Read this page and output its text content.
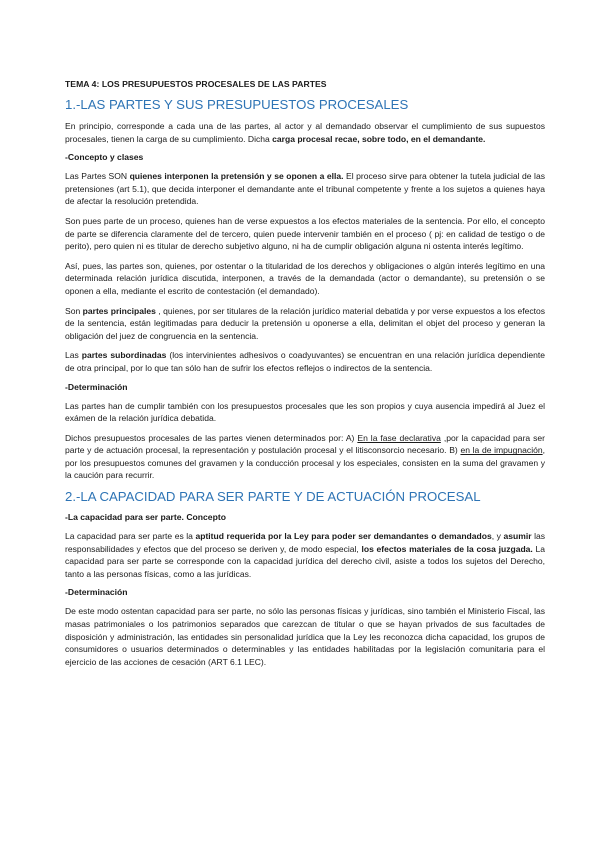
TEMA 4: LOS PRESUPUESTOS PROCESALES DE LAS PARTES
1.-LAS PARTES Y SUS PRESUPUESTOS PROCESALES

En principio, corresponde a cada una de las partes, al actor y al demandado observar el cumplimiento de sus supuestos procesales, tienen la carga de su cumplimiento. Dicha carga procesal recae, sobre todo, en el demandante.

-Concepto y clases

Las Partes SON quienes interponen la pretensión y se oponen a ella. El proceso sirve para obtener la tutela judicial de las pretensiones (art 5.1), que decida interponer el demandante ante el tribunal competente y frente a los sujetos a quienes haya de afectar la resolución pretendida.

Son pues parte de un proceso, quienes han de verse expuestos a los efectos materiales de la sentencia. Por ello, el concepto de parte se diferencia claramente del de tercero, quien puede intervenir también en el proceso ( pj: en calidad de testigo o de perito), pero quien ni es titular de derecho subjetivo alguno, ni ha de cumplir obligación alguna ni ostenta interés legítimo.

Así, pues, las partes son, quienes, por ostentar o la titularidad de los derechos y obligaciones o algún interés legítimo en una determinada relación jurídica discutida, interponen, a través de la demandada (actor o demandante), su pretensión o se oponen a ella, mediante el escrito de contestación (el demandado).

Son partes principales , quienes, por ser titulares de la relación jurídico material debatida y por verse expuestos a los efectos de la sentencia, están legitimadas para deducir la pretensión u oponerse a ella, delimitan el objet del proceso y generan la obligación del juez de congruencia en la sentencia.

Las partes subordinadas (los intervinientes adhesivos o coadyuvantes) se encuentran en una relación jurídica dependiente de otra principal, por lo que tan sólo han de sufrir los efectos reflejos o indirectos de la sentencia.

-Determinación

Las partes han de cumplir también con los presupuestos procesales que les son propios y cuya ausencia impedirá al Juez el exámen de la relación jurídica debatida.

Dichos presupuestos procesales de las partes vienen determinados por: A) En la fase declarativa ,por la capacidad para ser parte y de actuación procesal, la representación y postulación procesal y el litisconsorcio necesario. B) en la de impugnación, por los presupuestos comunes del gravamen y la conducción procesal y los especiales, consisten en la suma del gravamen y la caución para recurrir.

2.-LA CAPACIDAD PARA SER PARTE Y DE ACTUACIÓN PROCESAL
-La capacidad para ser parte. Concepto

La capacidad para ser parte es la aptitud requerida por la Ley para poder ser demandantes o demandados, y asumir las responsabilidades y efectos que del proceso se deriven y, de modo especial, los efectos materiales de la cosa juzgada. La capacidad para ser parte se corresponde con la capacidad jurídica del derecho civil, asiste a todos los sujetos del Derecho, tanto a las personas físicas, como a las jurídicas.

-Determinación

De este modo ostentan capacidad para ser parte, no sólo las personas físicas y jurídicas, sino también el Ministerio Fiscal, las masas patrimoniales o los patrimonios separados que carezcan de titular o que se hayan privados de sus facultades de disposición y administración, las entidades sin personalidad jurídica que la Ley les reconozca dicha capacidad, los grupos de consumidores o usuarios determinados o determinables y las entidades habilitadas por la legislación comunitaria para el ejercicio de las acciones de cesación (ART 6.1 LEC).
